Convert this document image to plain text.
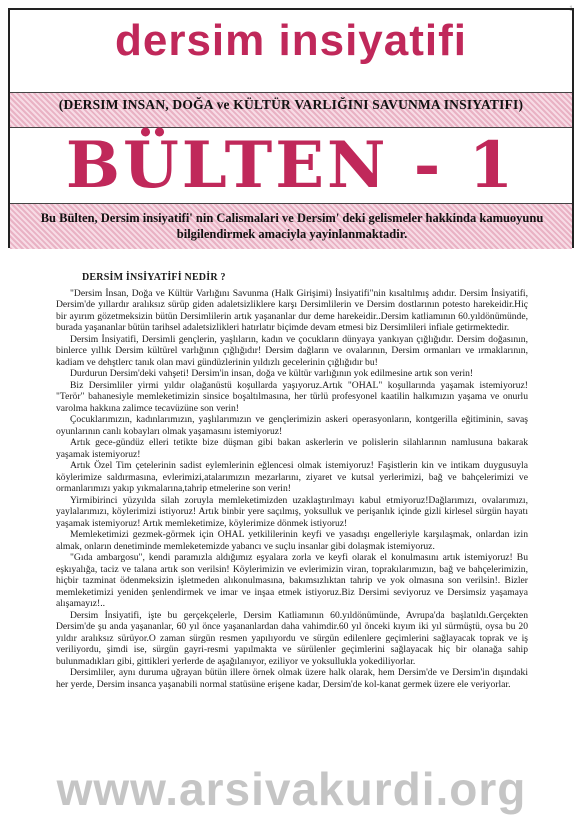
1
dersim insiyatifi
(DERSIM INSAN, DOĞA ve KÜLTÜR VARLIĞINI SAVUNMA INSIYATIFI)
BÜLTEN - 1
Bu Bülten, Dersim insiyatifi' nin Calismalari ve Dersim' deki gelismeler hakkinda kamuoyunu bilgilendirmek amaciyla yayinlanmaktadir.
DERSİM İNSİYATİFİ NEDİR ?

"Dersim İnsan, Doğa ve Kültür Varlığını Savunma (Halk Girişimi) İnsiyatifi"nin kısaltılmış adıdır. Dersim İnsiyatifi, Dersim'de yıllardır aralıksız sürüp giden adaletsizliklere karşı Dersimlilerin ve Dersim dostlarının potesto harekeidir.Hiç bir ayırım gözetmeksizin bütün Dersimlilerin artık yaşananlar dur deme harekeidir..Dersim katliamının 60.yıldönümünde, burada yaşananlar bütün tarihsel adaletsizlikleri hatırlatır biçimde devam etmesi biz Dersimlileri infiale getirmektedir.

Dersim İnsiyatifi, Dersimli gençlerin, yaşlıların, kadın ve çocukların dünyaya yankıyan çığlığıdır. Dersim doğasının, binlerce yıllık Dersim kültürel varlığının çığlığıdır! Dersim dağların ve ovalarının, Dersim ormanları ve ırmaklarının, kadiam ve dehştlerc tanık olan mavi gündüzlerinin yıldızlı gecelerinin çığlığıdır bu!

Durdurun Dersim'deki vahşeti! Dersim'in insan, doğa ve kültür varlığının yok edilmesine artık son verin!

Biz Dersimliler yirmi yıldır olağanüstü koşullarda yaşıyoruz.Artık "OHAL" koşullarında yaşamak istemiyoruz! "Terör" bahanesiyle memleketimizin sinsice boşaltılmasına, her türlü profesyonel kaatilin halkımızın yaşama ve onurlu varolma hakkına zalimce tecavüzüne son verin!

Çocuklarımızın, kadınlarımızın, yaşlılarımızın ve gençlerimizin askeri operasyonların, kontgerilla eğitiminin, savaş oyunlarının canlı kobayları olmak yaşamasını istemiyoruz!

Artık gece-gündüz elleri tetikte bize düşman gibi bakan askerlerin ve polislerin silahlarının namlusuna bakarak yaşamak istemiyoruz!

Artık Özel Tim çetelerinin sadist eylemlerinin eğlencesi olmak istemiyoruz! Faşistlerin kin ve intikam duygusuyla köylerimize saldırmasına, evlerimizi,atalarımızın mezarlarını, ziyaret ve kutsal yerlerimizi, bağ ve bahçelerimizi ve ormanlarımızı yakıp yıkmalarına,tahrip etmelerine son verin!

Yirmibirinci yüzyılda silah zoruyla memleketimizden uzaklaştırılmayı kabul etmiyoruz!Dağlarımızı, ovalarımızı, yaylalarımızı, köylerimizi istiyoruz! Artık binbir yere saçılmış, yoksulluk ve perişanlık içinde gizli kirlesel sürgün hayatı yaşamak istemiyoruz! Artık memleketimize, köylerimize dönmek istiyoruz!

Memleketimizi gezmek-görmek için OHAL yetkililerinin keyfi ve yasadışı engelleriyle karşılaşmak, onlardan izin almak, onların denetiminde memleketemizde yabancı ve suçlu insanlar gibi dolaşmak istemiyoruz.

"Gıda ambargosu", kendi paramızla aldığımız eşyalara zorla ve keyfi olarak el konulmasını artık istemiyoruz! Bu eşkıyalığa, taciz ve talana artık son verilsin! Köylerimizin ve evlerimizin viran, toprakılarımızın, bağ ve bahçelerimizin, hiçbir tazminat ödenmeksizin işletmeden alıkonulmasına, bakımsızlıktan tahrip ve yok olmasına son verilsin!. Bizler memleketimizi yeniden şenlendirmek ve imar ve inşaa etmek istiyoruz.Biz Dersimi seviyoruz ve Dersimsiz yaşamaya alışamayız!..

Dersim İnsiyatifi, işte bu gerçekçelerle, Dersim Katliamının 60.yıldönümünde, Avrupa'da başlatıldı.Gerçekten Dersim'de şu anda yaşananlar, 60 yıl önce yaşananlardan daha vahimdir.60 yıl önceki kıyım iki yıl sürmüştü, oysa bu 20 yıldır aralıksız sürüyor.O zaman sürgün resmen yapılıyordu ve sürgün edilenlere geçimlerini sağlayacak toprak ve iş veriliyordu, şimdi ise, sürgün gayri-resmi yapılmakta ve sürülenler geçimlerini sağlayacak hiç bir olanağa sahip bulunmadıkları gibi, gittikleri yerlerde de aşağılanıyor, eziliyor ve yoksullukla yokediliyorlar.

Dersimliler, aynı duruma uğrayan bütün illere örnek olmak üzere halk olarak, hem Dersim'de ve Dersim'in dışındaki her yerde, Dersim insanca yaşanabili normal statüsüne erişene kadar, Dersim'de kol-kanat germek üzere ele veriyorlar.

www.arsivakurdi.org
